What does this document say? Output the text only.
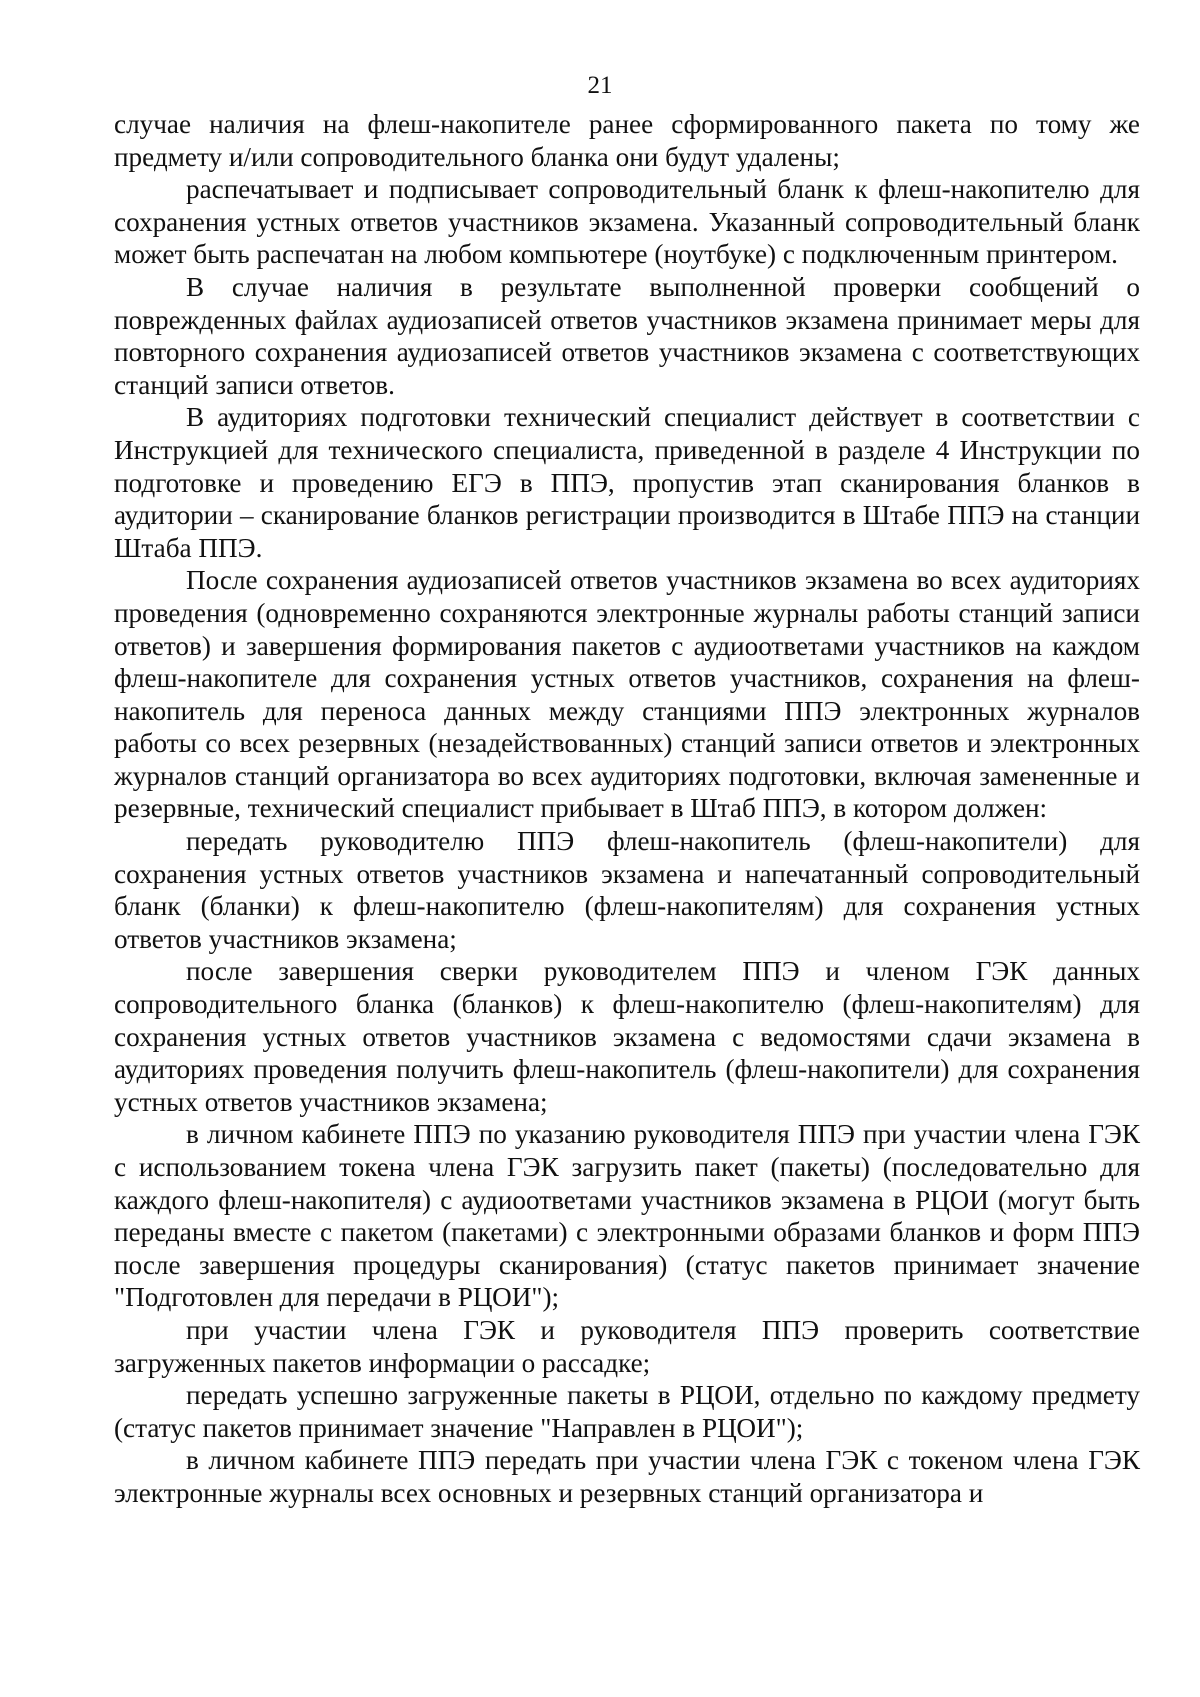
21

случае наличия на флеш-накопителе ранее сформированного пакета по тому же предмету и/или сопроводительного бланка они будут удалены;

распечатывает и подписывает сопроводительный бланк к флеш-накопителю для сохранения устных ответов участников экзамена. Указанный сопроводительный бланк может быть распечатан на любом компьютере (ноутбуке) с подключенным принтером.

В случае наличия в результате выполненной проверки сообщений о поврежденных файлах аудиозаписей ответов участников экзамена принимает меры для повторного сохранения аудиозаписей ответов участников экзамена с соответствующих станций записи ответов.

В аудиториях подготовки технический специалист действует в соответствии с Инструкцией для технического специалиста, приведенной в разделе 4 Инструкции по подготовке и проведению ЕГЭ в ППЭ, пропустив этап сканирования бланков в аудитории – сканирование бланков регистрации производится в Штабе ППЭ на станции Штаба ППЭ.

После сохранения аудиозаписей ответов участников экзамена во всех аудиториях проведения (одновременно сохраняются электронные журналы работы станций записи ответов) и завершения формирования пакетов с аудиоответами участников на каждом флеш-накопителе для сохранения устных ответов участников, сохранения на флеш-накопитель для переноса данных между станциями ППЭ электронных журналов работы со всех резервных (незадействованных) станций записи ответов и электронных журналов станций организатора во всех аудиториях подготовки, включая замененные и резервные, технический специалист прибывает в Штаб ППЭ, в котором должен:

передать руководителю ППЭ флеш-накопитель (флеш-накопители) для сохранения устных ответов участников экзамена и напечатанный сопроводительный бланк (бланки) к флеш-накопителю (флеш-накопителям) для сохранения устных ответов участников экзамена;

после завершения сверки руководителем ППЭ и членом ГЭК данных сопроводительного бланка (бланков) к флеш-накопителю (флеш-накопителям) для сохранения устных ответов участников экзамена с ведомостями сдачи экзамена в аудиториях проведения получить флеш-накопитель (флеш-накопители) для сохранения устных ответов участников экзамена;

в личном кабинете ППЭ по указанию руководителя ППЭ при участии члена ГЭК с использованием токена члена ГЭК загрузить пакет (пакеты) (последовательно для каждого флеш-накопителя) с аудиоответами участников экзамена в РЦОИ (могут быть переданы вместе с пакетом (пакетами) с электронными образами бланков и форм ППЭ после завершения процедуры сканирования) (статус пакетов принимает значение "Подготовлен для передачи в РЦОИ");

при участии члена ГЭК и руководителя ППЭ проверить соответствие загруженных пакетов информации о рассадке;

передать успешно загруженные пакеты в РЦОИ, отдельно по каждому предмету (статус пакетов принимает значение "Направлен в РЦОИ");

в личном кабинете ППЭ передать при участии члена ГЭК с токеном члена ГЭК электронные журналы всех основных и резервных станций организатора и
